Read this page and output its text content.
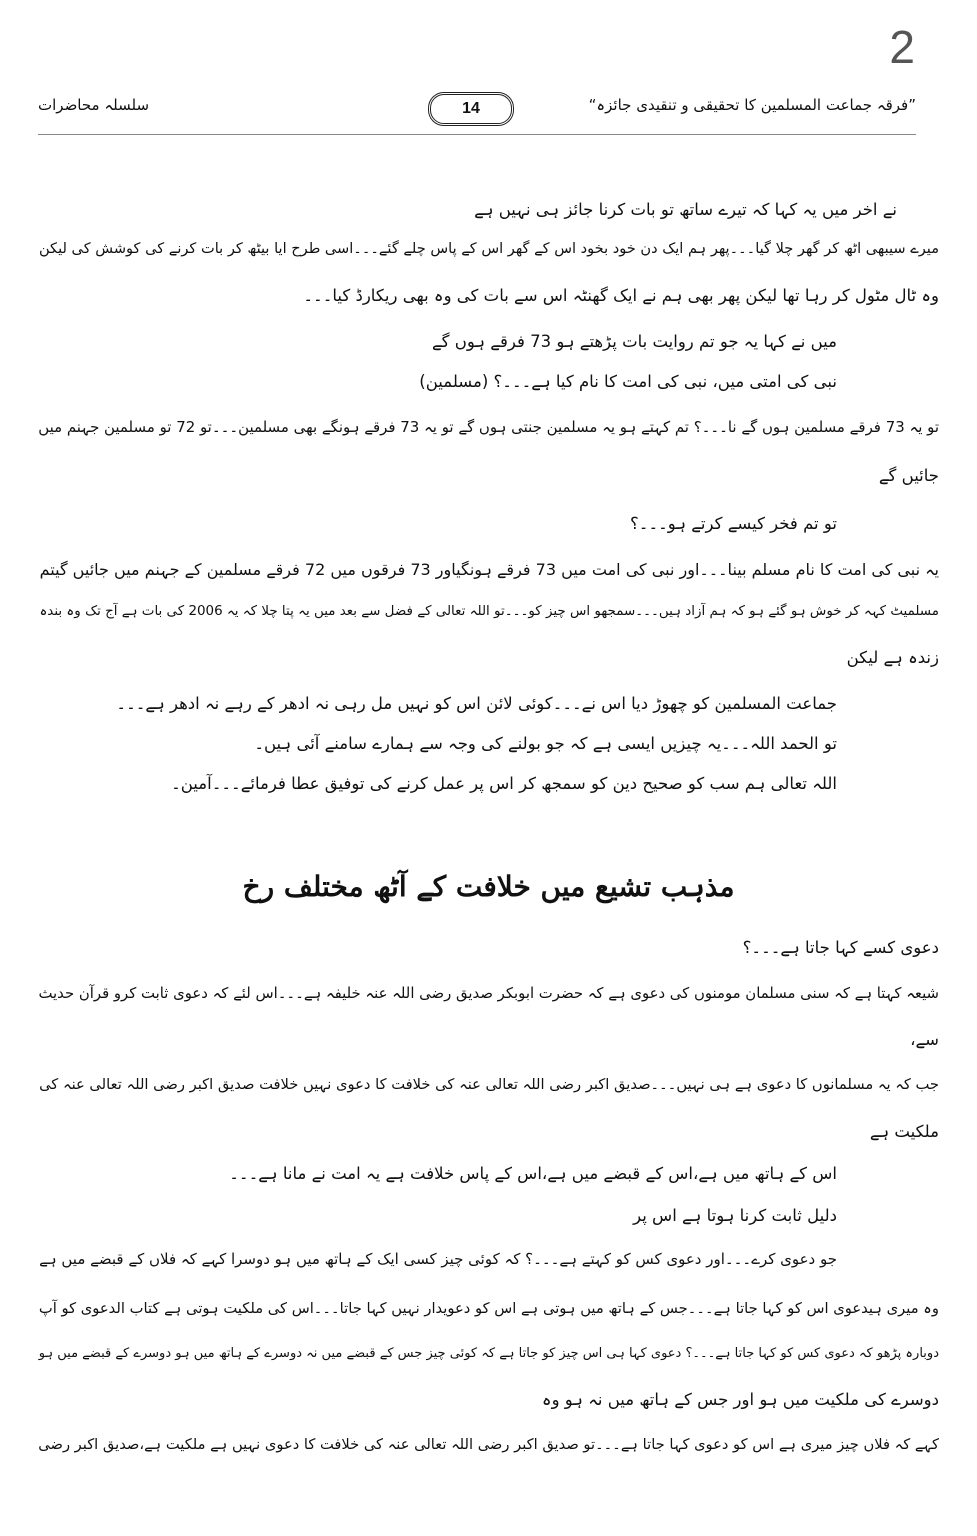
2
سلسلہ محاضرات	14	”فرقہ جماعت المسلمین کا تحقیقی و تنقیدی جائزہ“
نے اخر میں یہ کہا کہ تیرے ساتھ تو بات کرنا جائز ہی نہیں ہے
میرے سیبھی اٹھ کر گھر چلا گیا۔۔۔پھر ہم ایک دن خود بخود اس کے گھر اس کے پاس چلے گئے۔۔۔اسی طرح ایا بیٹھ کر بات کرنے کی کوشش کی لیکن
وہ ٹال مٹول کر رہا تھا لیکن پھر بھی ہم نے ایک گھنٹہ اس سے بات کی وہ بھی ریکارڈ کیا۔۔۔
میں نے کہا یہ جو تم روایت بات پڑھتے ہو 73 فرقے ہوں گے
نبی کی امتی میں، نبی کی امت کا نام کیا ہے۔۔۔؟ (مسلمین)
تو یہ 73 فرقے مسلمین ہوں گے نا۔۔۔؟ تم کہتے ہو یہ مسلمین جنتی ہوں گے تو یہ 73 فرقے ہونگے بھی مسلمین۔۔۔تو 72 تو مسلمین جہنم میں
جائیں گے
تو تم فخر کیسے کرتے ہو۔۔۔؟
یہ نبی کی امت کا نام مسلم بینا۔۔۔اور نبی کی امت میں 73 فرقے ہونگیاور 73 فرقوں میں 72 فرقے مسلمین کے جہنم میں جائیں گیتم
مسلمیٹ کہہ کر خوش ہو گئے ہو کہ ہم آزاد ہیں۔۔۔سمجھو اس چیز کو۔۔۔تو اللہ تعالی کے فضل سے بعد میں یہ پتا چلا کہ یہ 2006 کی بات ہے آج تک وہ بندہ
زندہ ہے لیکن
جماعت المسلمین کو چھوڑ دیا اس نے۔۔۔کوئی لائن اس کو نہیں مل رہی نہ ادھر کے رہے نہ ادھر ہے۔۔۔
تو الحمد اللہ۔۔۔یہ چیزیں ایسی ہے کہ جو بولنے کی وجہ سے ہمارے سامنے آئی ہیں۔
اللہ تعالی ہم سب کو صحیح دین کو سمجھ کر اس پر عمل کرنے کی توفیق عطا فرمائے۔۔۔آمین۔
مذہب تشیع میں خلافت کے آٹھ مختلف رخ
دعوی کسے کہا جاتا ہے۔۔۔؟
شیعہ کہتا ہے کہ سنی مسلمان مومنوں کی دعوی ہے کہ حضرت ابوبکر صدیق رضی اللہ عنہ خلیفہ ہے۔۔۔اس لئے کہ دعوی ثابت کرو قرآن حدیث
سے،
جب کہ یہ مسلمانوں کا دعوی ہے ہی نہیں۔۔۔صدیق اکبر رضی اللہ تعالی عنہ کی خلافت کا دعوی نہیں خلافت صدیق اکبر رضی اللہ تعالی عنہ کی
ملکیت ہے
اس کے ہاتھ میں ہے،اس کے قبضے میں ہے،اس کے پاس خلافت ہے یہ امت نے مانا ہے۔۔۔
دلیل ثابت کرنا ہوتا ہے اس پر
جو دعوی کرے۔۔۔اور دعوی کس کو کہتے ہے۔۔۔؟ کہ کوئی چیز کسی ایک کے ہاتھ میں ہو دوسرا کہے کہ فلاں کے قبضے میں ہے
وہ میری ہیدعوی اس کو کہا جاتا ہے۔۔۔جس کے ہاتھ میں ہوتی ہے اس کو دعویدار نہیں کہا جاتا۔۔۔اس کی ملکیت ہوتی ہے کتاب الدعوی کو آپ
دوبارہ پڑھو کہ دعوی کس کو کہا جاتا ہے۔۔۔؟ دعوی کہا ہی اس چیز کو جاتا ہے کہ کوئی چیز جس کے قبضے میں نہ دوسرے کے ہاتھ میں ہو دوسرے کے قبضے میں ہو
دوسرے کی ملکیت میں ہو اور جس کے ہاتھ میں نہ ہو وہ
کہے کہ فلاں چیز میری ہے اس کو دعوی کہا جاتا ہے۔۔۔تو صدیق اکبر رضی اللہ تعالی عنہ کی خلافت کا دعوی نہیں ہے ملکیت ہے،صدیق اکبر رضی
